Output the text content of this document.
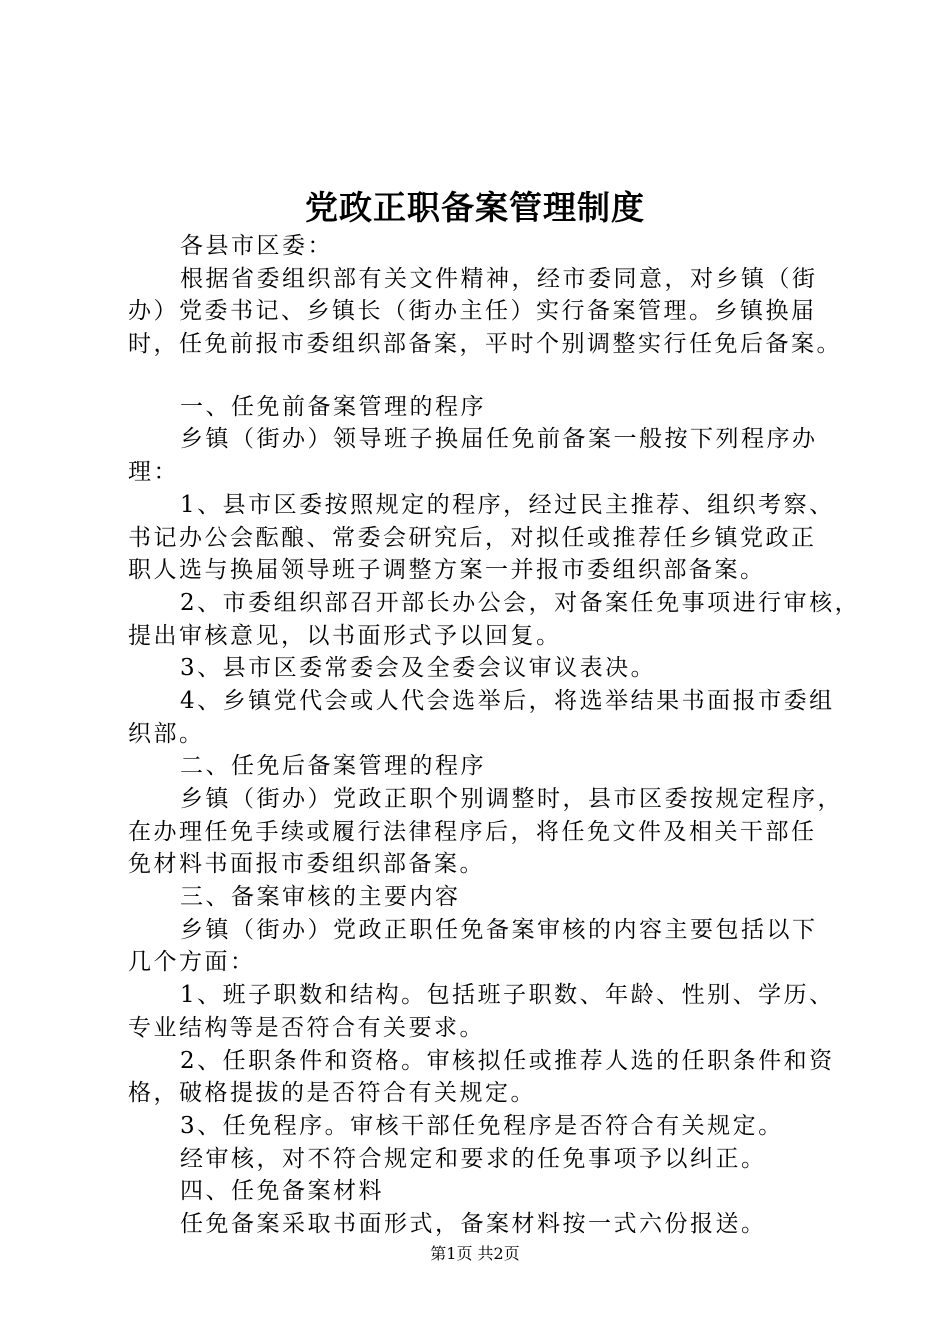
党政正职备案管理制度
各县市区委：
根据省委组织部有关文件精神，经市委同意，对乡镇（街
办）党委书记、乡镇长（街办主任）实行备案管理。乡镇换届
时，任免前报市委组织部备案，平时个别调整实行任免后备案。
一、任免前备案管理的程序
乡镇（街办）领导班子换届任免前备案一般按下列程序办
理：
1、县市区委按照规定的程序，经过民主推荐、组织考察、
书记办公会酝酿、常委会研究后，对拟任或推荐任乡镇党政正
职人选与换届领导班子调整方案一并报市委组织部备案。
2、市委组织部召开部长办公会，对备案任免事项进行审核，
提出审核意见，以书面形式予以回复。
3、县市区委常委会及全委会议审议表决。
4、乡镇党代会或人代会选举后，将选举结果书面报市委组
织部。
二、任免后备案管理的程序
乡镇（街办）党政正职个别调整时，县市区委按规定程序，
在办理任免手续或履行法律程序后，将任免文件及相关干部任
免材料书面报市委组织部备案。
三、备案审核的主要内容
乡镇（街办）党政正职任免备案审核的内容主要包括以下
几个方面：
1、班子职数和结构。包括班子职数、年龄、性别、学历、
专业结构等是否符合有关要求。
2、任职条件和资格。审核拟任或推荐人选的任职条件和资
格，破格提拔的是否符合有关规定。
3、任免程序。审核干部任免程序是否符合有关规定。
经审核，对不符合规定和要求的任免事项予以纠正。
四、任免备案材料
任免备案采取书面形式，备案材料按一式六份报送。
第1页 共2页
